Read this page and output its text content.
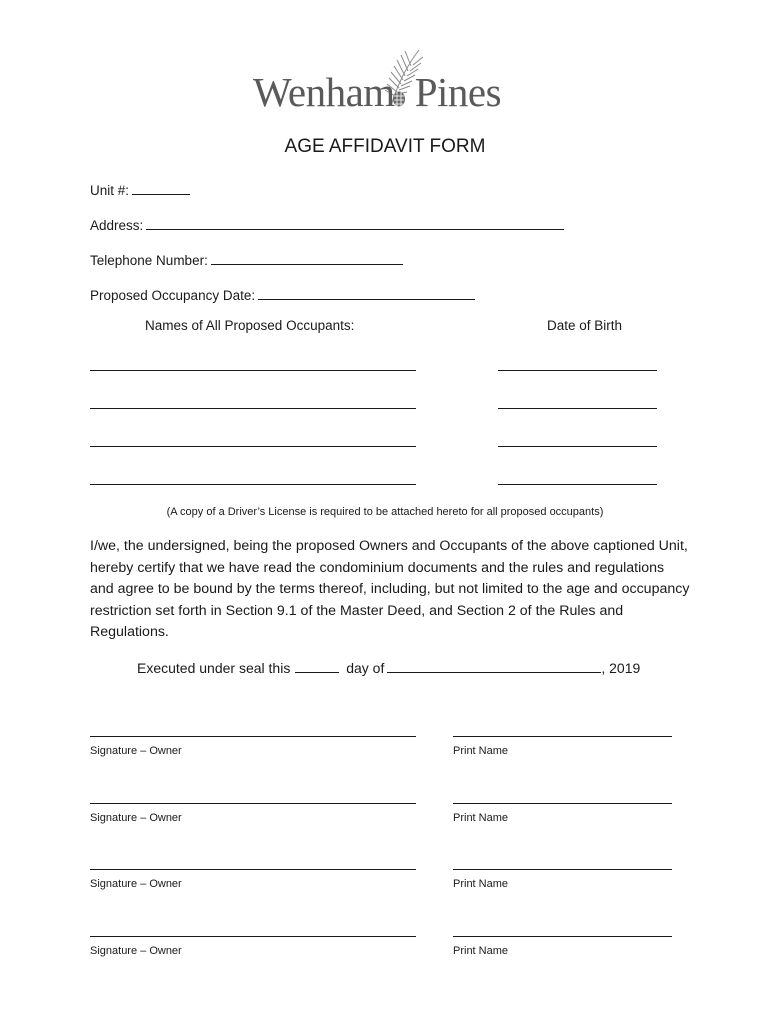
Wenham Pines
AGE AFFIDAVIT FORM
Unit #:
Address:
Telephone Number:
Proposed Occupancy Date:
Names of All Proposed Occupants:	Date of Birth
(A copy of a Driver’s License is required to be attached hereto for all proposed occupants)
I/we, the undersigned, being the proposed Owners and Occupants of the above captioned Unit, hereby certify that we have read the condominium documents and the rules and regulations and agree to be bound by the terms thereof, including, but not limited to the age and occupancy restriction set forth in Section 9.1 of the Master Deed, and Section 2 of the Rules and Regulations.
Executed under seal this	day of	, 2019
Signature – Owner	Print Name
Signature – Owner	Print Name
Signature – Owner	Print Name
Signature – Owner	Print Name
